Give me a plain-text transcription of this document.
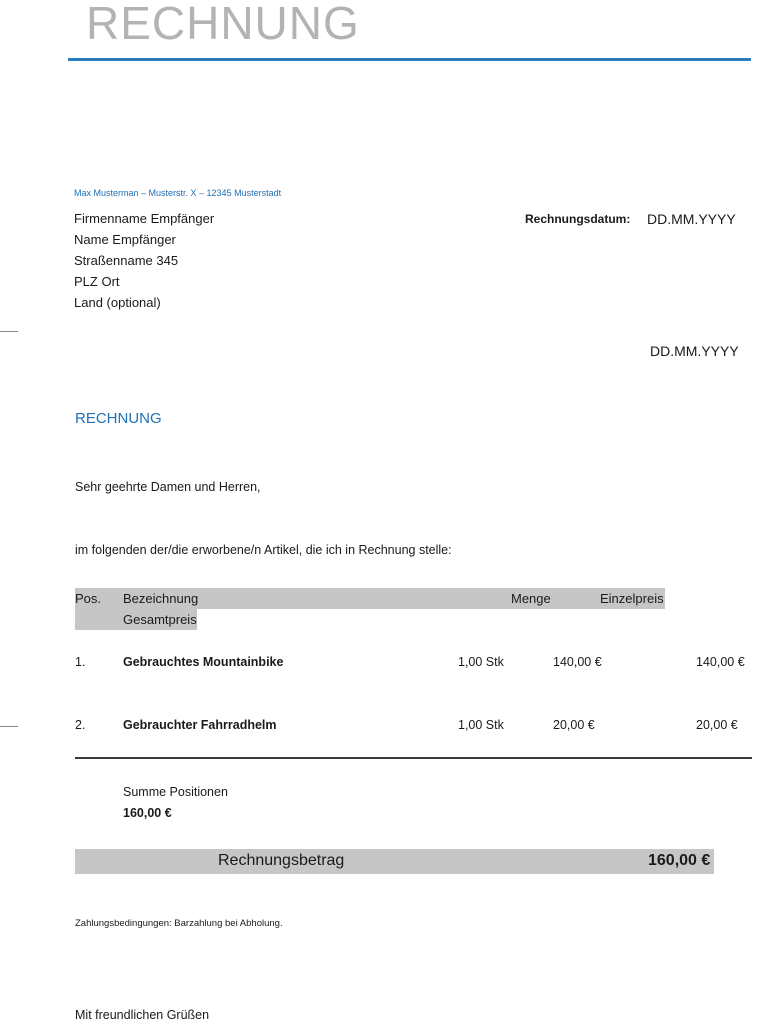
RECHNUNG
Max Musterman – Musterstr. X – 12345 Musterstadt
Firmenname Empfänger
Name Empfänger
Straßenname 345
PLZ Ort
Land (optional)
Rechnungsdatum: DD.MM.YYYY
DD.MM.YYYY
RECHNUNG
Sehr geehrte Damen und Herren,
im folgenden der/die erworbene/n Artikel, die ich in Rechnung stelle:
Pos. Bezeichnung	Menge	Einzelpreis
Gesamtpreis
1.	Gebrauchtes Mountainbike	1,00 Stk	140,00 €	140,00 €
2.	Gebrauchter Fahrradhelm	1,00 Stk	20,00 €	20,00 €
Summe Positionen
160,00 €
Rechnungsbetrag	160,00 €
Zahlungsbedingungen: Barzahlung bei Abholung.
Mit freundlichen Grüßen
